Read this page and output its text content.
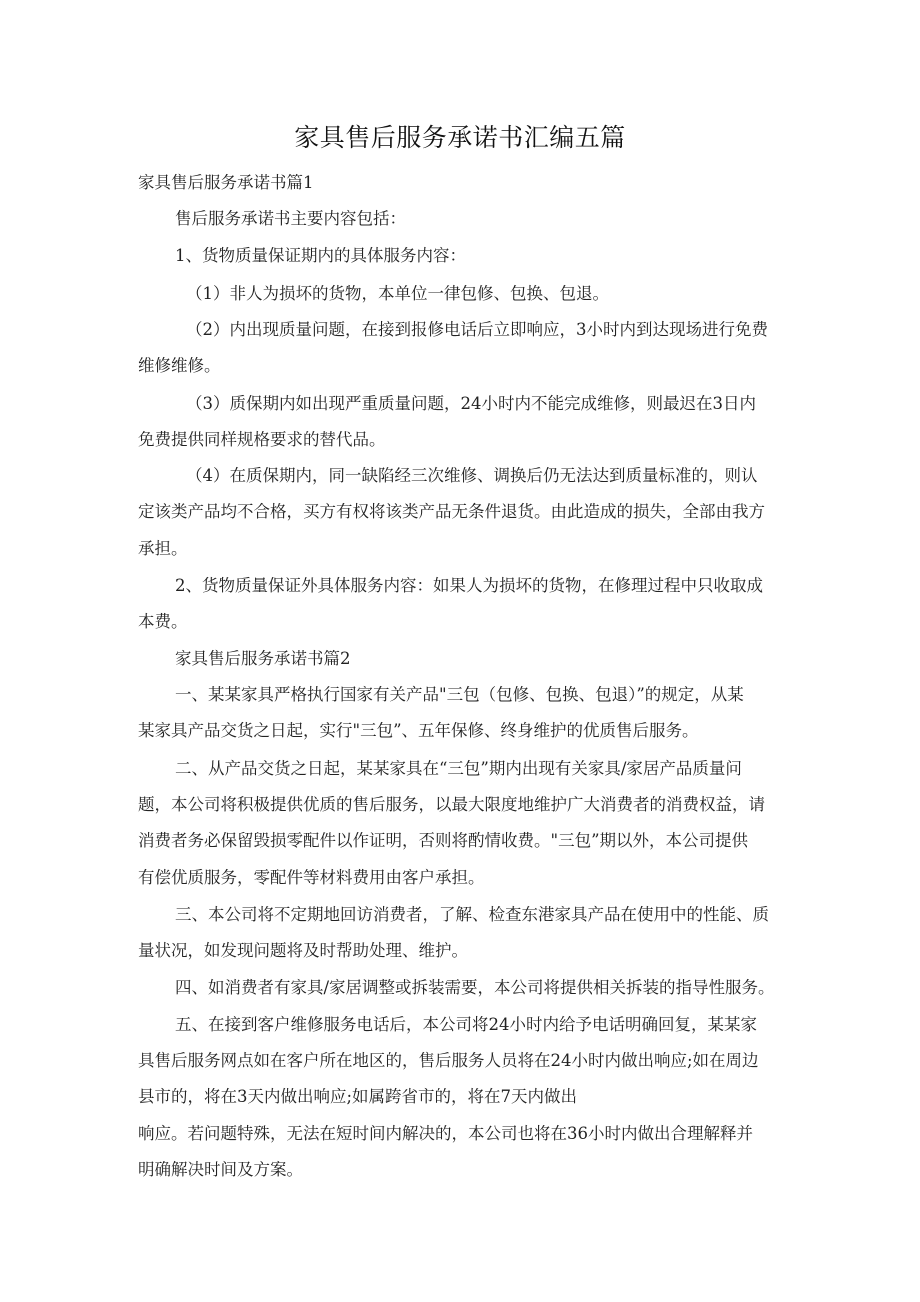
家具售后服务承诺书汇编五篇
家具售后服务承诺书篇1
售后服务承诺书主要内容包括：
1、货物质量保证期内的具体服务内容：
（1）非人为损坏的货物，本单位一律包修、包换、包退。
（2）内出现质量问题，在接到报修电话后立即响应，3小时内到达现场进行免费
维修维修。
（3）质保期内如出现严重质量问题，24小时内不能完成维修，则最迟在3日内
免费提供同样规格要求的替代品。
（4）在质保期内，同一缺陷经三次维修、调换后仍无法达到质量标准的，则认
定该类产品均不合格，买方有权将该类产品无条件退货。由此造成的损失，全部由我方
承担。
2、货物质量保证外具体服务内容：如果人为损坏的货物，在修理过程中只收取成
本费。
家具售后服务承诺书篇2
一、某某家具严格执行国家有关产品"三包（包修、包换、包退）”的规定，从某
某家具产品交货之日起，实行"三包”、五年保修、终身维护的优质售后服务。
二、从产品交货之日起，某某家具在“三包”期内出现有关家具/家居产品质量问
题，本公司将积极提供优质的售后服务，以最大限度地维护广大消费者的消费权益，请
消费者务必保留毁损零配件以作证明，否则将酌情收费。"三包”期以外，本公司提供
有偿优质服务，零配件等材料费用由客户承担。
三、本公司将不定期地回访消费者，了解、检查东港家具产品在使用中的性能、质
量状况，如发现问题将及时帮助处理、维护。
四、如消费者有家具/家居调整或拆装需要，本公司将提供相关拆装的指导性服务。
五、在接到客户维修服务电话后，本公司将24小时内给予电话明确回复，某某家
具售后服务网点如在客户所在地区的，售后服务人员将在24小时内做出响应;如在周边
县市的，将在3天内做出响应;如属跨省市的，将在7天内做出
响应。若问题特殊，无法在短时间内解决的，本公司也将在36小时内做出合理解释并
明确解决时间及方案。
